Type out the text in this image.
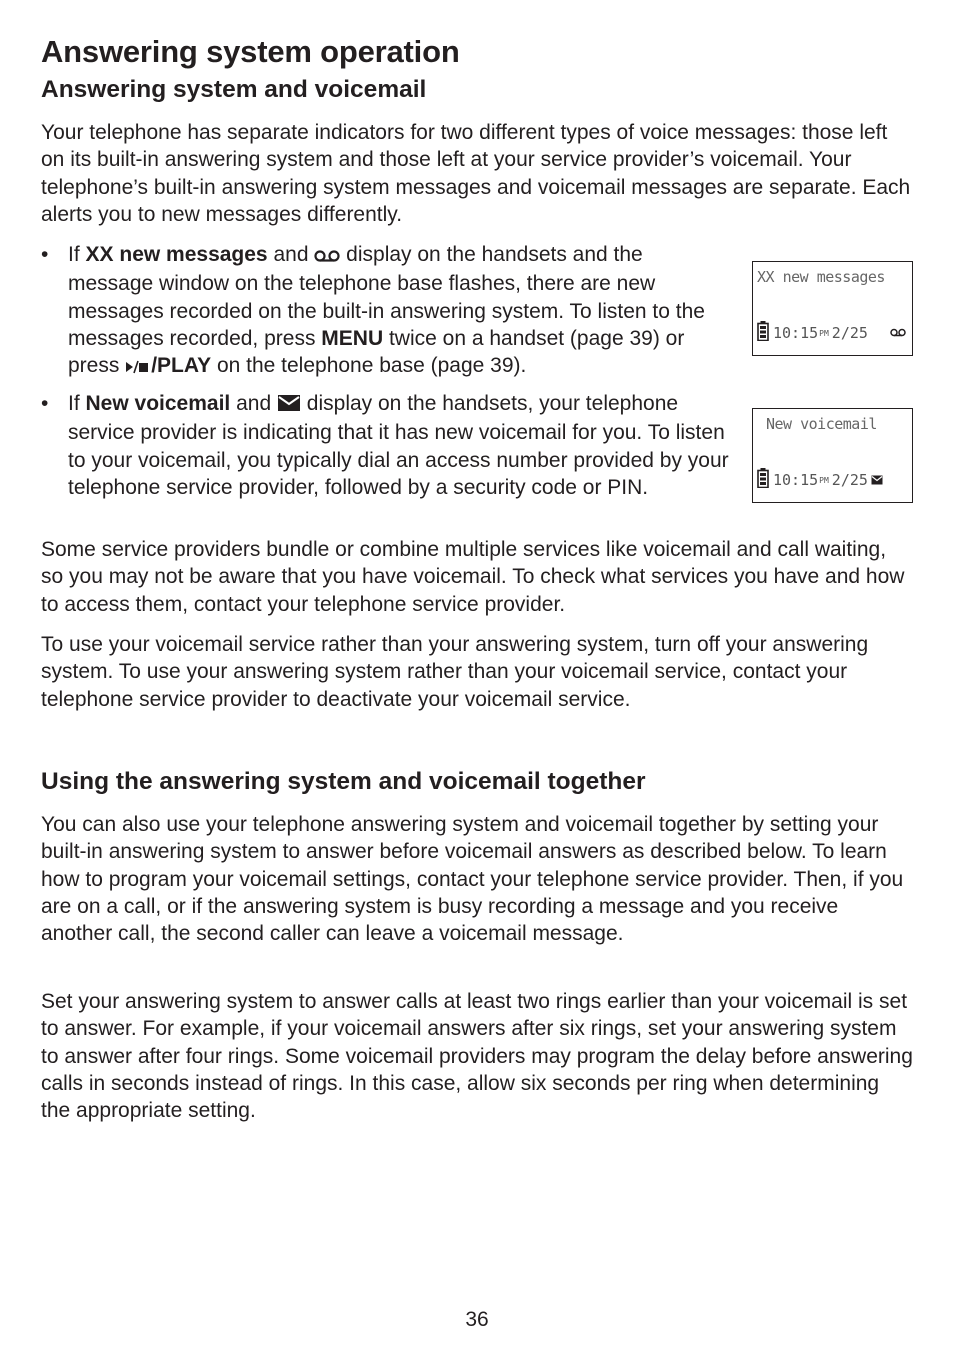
Answering system operation
Answering system and voicemail

Your telephone has separate indicators for two different types of voice messages: those left on its built-in answering system and those left at your service provider’s voicemail. Your telephone’s built-in answering system messages and voicemail messages are separate. Each alerts you to new messages differently.

• If XX new messages and  display on the handsets and the message window on the telephone base flashes, there are new messages recorded on the built-in answering system. To listen to the messages recorded, press MENU twice on a handset (page 39) or press /PLAY on the telephone base (page 39).
• If New voicemail and  display on the handsets, your telephone service provider is indicating that it has new voicemail for you. To listen to your voicemail, you typically dial an access number provided by your telephone service provider, followed by a security code or PIN.

Some service providers bundle or combine multiple services like voicemail and call waiting, so you may not be aware that you have voicemail. To check what services you have and how to access them, contact your telephone service provider.

To use your voicemail service rather than your answering system, turn off your answering system. To use your answering system rather than your voicemail service, contact your telephone service provider to deactivate your voicemail service.

Using the answering system and voicemail together

You can also use your telephone answering system and voicemail together by setting your built-in answering system to answer before voicemail answers as described below. To learn how to program your voicemail settings, contact your telephone service provider. Then, if you are on a call, or if the answering system is busy recording a message and you receive another call, the second caller can leave a voicemail message.

Set your answering system to answer calls at least two rings earlier than your voicemail is set to answer. For example, if your voicemail answers after six rings, set your answering system to answer after four rings. Some voicemail providers may program the delay before answering calls in seconds instead of rings. In this case, allow six seconds per ring when determining the appropriate setting.

XX new messages
10:15 PM 2/25
New voicemail
10:15 PM 2/25
36
